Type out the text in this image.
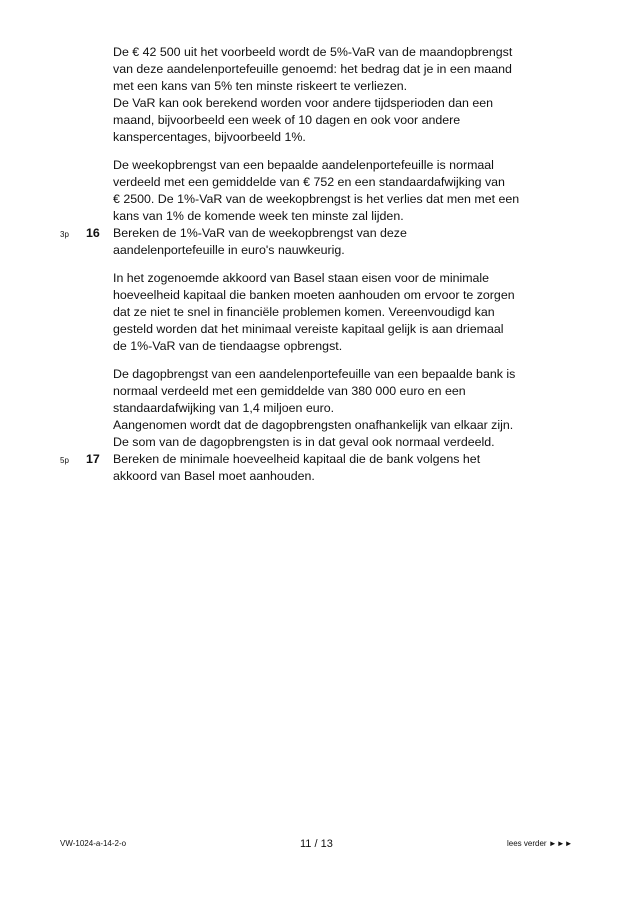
De € 42 500 uit het voorbeeld wordt de 5%-VaR van de maandopbrengst
van deze aandelenportefeuille genoemd: het bedrag dat je in een maand
met een kans van 5% ten minste riskeert te verliezen.
De VaR kan ook berekend worden voor andere tijdsperioden dan een
maand, bijvoorbeeld een week of 10 dagen en ook voor andere
kanspercentages, bijvoorbeeld 1%.

De weekopbrengst van een bepaalde aandelenportefeuille is normaal
verdeeld met een gemiddelde van € 752 en een standaardafwijking van
€ 2500. De 1%-VaR van de weekopbrengst is het verlies dat men met een
kans van 1% de komende week ten minste zal lijden.

3p 16	Bereken de 1%-VaR van de weekopbrengst van deze
aandelenportefeuille in euro's nauwkeurig.

In het zogenoemde akkoord van Basel staan eisen voor de minimale
hoeveelheid kapitaal die banken moeten aanhouden om ervoor te zorgen
dat ze niet te snel in financiële problemen komen. Vereenvoudigd kan
gesteld worden dat het minimaal vereiste kapitaal gelijk is aan driemaal
de 1%-VaR van de tiendaagse opbrengst.

De dagopbrengst van een aandelenportefeuille van een bepaalde bank is
normaal verdeeld met een gemiddelde van 380 000 euro en een
standaardafwijking van 1,4 miljoen euro.
Aangenomen wordt dat de dagopbrengsten onafhankelijk van elkaar zijn.
De som van de dagopbrengsten is in dat geval ook normaal verdeeld.

5p 17	Bereken de minimale hoeveelheid kapitaal die de bank volgens het
akkoord van Basel moet aanhouden.

VW-1024-a-14-2-o	11 / 13	lees verder ►►►
